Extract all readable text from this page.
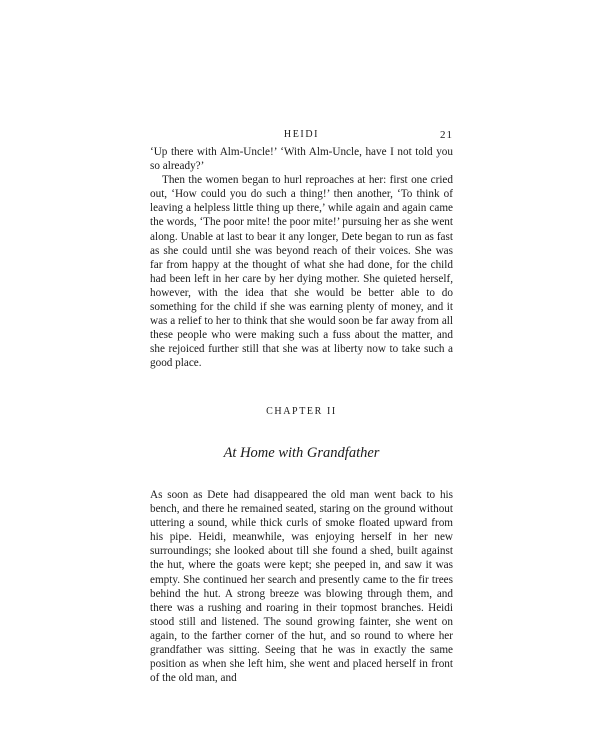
HEIDI	21

‘Up there with Alm-Uncle!’ ‘With Alm-Uncle, have I not told you so already?’

Then the women began to hurl reproaches at her: first one cried out, ‘How could you do such a thing!’ then another, ‘To think of leaving a helpless little thing up there,’ while again and again came the words, ‘The poor mite! the poor mite!’ pursuing her as she went along. Unable at last to bear it any longer, Dete began to run as fast as she could until she was beyond reach of their voices. She was far from happy at the thought of what she had done, for the child had been left in her care by her dying mother. She quieted herself, however, with the idea that she would be better able to do something for the child if she was earning plenty of money, and it was a relief to her to think that she would soon be far away from all these people who were making such a fuss about the matter, and she rejoiced further still that she was at liberty now to take such a good place.

CHAPTER II
At Home with Grandfather

As soon as Dete had disappeared the old man went back to his bench, and there he remained seated, staring on the ground without uttering a sound, while thick curls of smoke floated upward from his pipe. Heidi, meanwhile, was enjoying herself in her new surroundings; she looked about till she found a shed, built against the hut, where the goats were kept; she peeped in, and saw it was empty. She continued her search and presently came to the fir trees behind the hut. A strong breeze was blowing through them, and there was a rushing and roaring in their topmost branches. Heidi stood still and listened. The sound growing fainter, she went on again, to the farther corner of the hut, and so round to where her grandfather was sitting. Seeing that he was in exactly the same position as when she left him, she went and placed herself in front of the old man, and
